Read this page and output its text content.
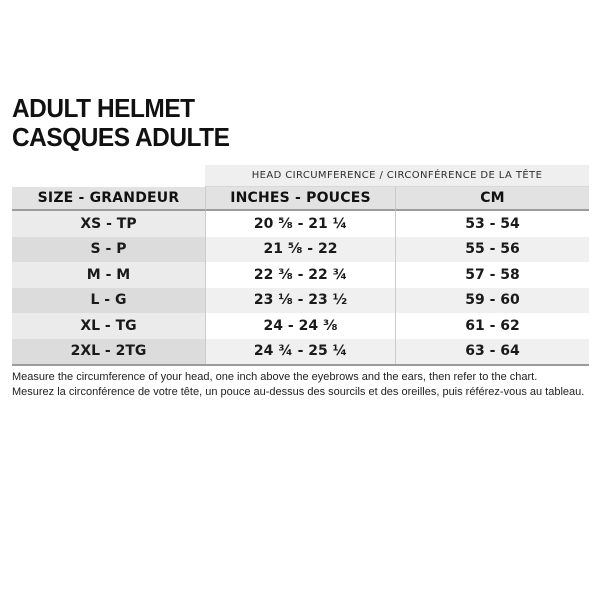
ADULT HELMET
CASQUES ADULTE
HEAD CIRCUMFERENCE / CIRCONFÉRENCE DE LA TÊTE
SIZE - GRANDEUR	INCHES - POUCES	CM
XS - TP	20 ⅝ - 21 ¼	53 - 54
S - P	21 ⅝ - 22	55 - 56
M - M	22 ⅜ - 22 ¾	57 - 58
L - G	23 ⅛ - 23 ½	59 - 60
XL - TG	24 - 24 ⅜	61 - 62
2XL - 2TG	24 ¾ - 25 ¼	63 - 64
Measure the circumference of your head, one inch above the eyebrows and the ears, then refer to the chart.
Mesurez la circonférence de votre tête, un pouce au-dessus des sourcils et des oreilles, puis référez-vous au tableau.
